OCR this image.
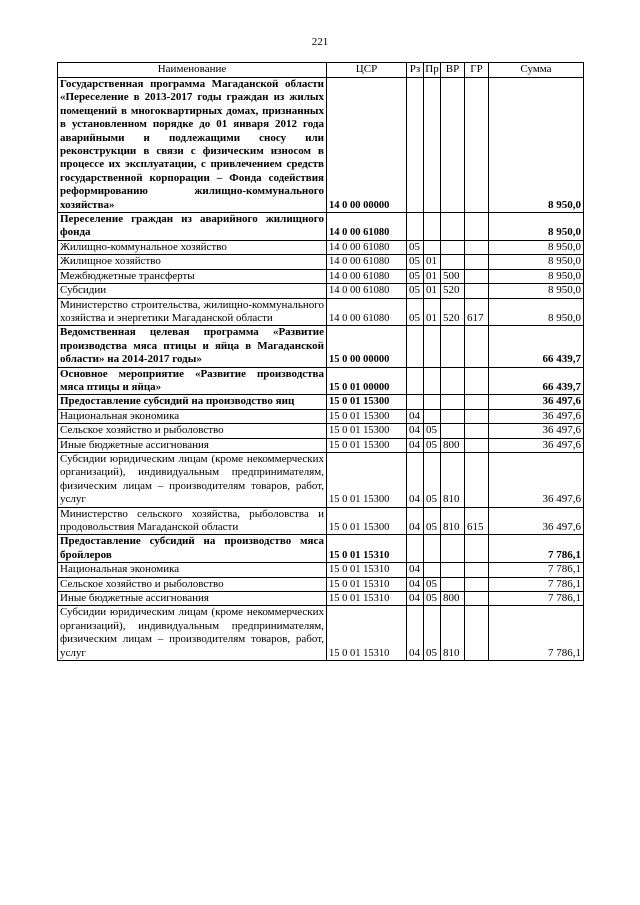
221
Наименование	ЦСР	Рз	Пр	ВР	ГР	Сумма
Государственная программа Магаданской области «Переселение в 2013-2017 годы граждан из жилых помещений в многоквартирных домах, признанных в установленном порядке до 01 января 2012 года аварийными и подлежащими сносу или реконструкции в связи с физическим износом в процессе их эксплуатации, с привлечением средств государственной корпорации – Фонда содействия реформированию жилищно-коммунального хозяйства»	14 0 00 00000					8 950,0
Переселение граждан из аварийного жилищного фонда	14 0 00 61080					8 950,0
Жилищно-коммунальное хозяйство	14 0 00 61080	05				8 950,0
Жилищное хозяйство	14 0 00 61080	05	01			8 950,0
Межбюджетные трансферты	14 0 00 61080	05	01	500		8 950,0
Субсидии	14 0 00 61080	05	01	520		8 950,0
Министерство строительства, жилищно-коммунального хозяйства и энергетики Магаданской области	14 0 00 61080	05	01	520	617	8 950,0
Ведомственная целевая программа «Развитие производства мяса птицы и яйца в Магаданской области» на 2014-2017 годы»	15 0 00 00000					66 439,7
Основное мероприятие «Развитие производства мяса птицы и яйца»	15 0 01 00000					66 439,7
Предоставление субсидий на производство яиц	15 0 01 15300					36 497,6
Национальная экономика	15 0 01 15300	04				36 497,6
Сельское хозяйство и рыболовство	15 0 01 15300	04	05			36 497,6
Иные бюджетные ассигнования	15 0 01 15300	04	05	800		36 497,6
Субсидии юридическим лицам (кроме некоммерческих организаций), индивидуальным предпринимателям, физическим лицам – производителям товаров, работ, услуг	15 0 01 15300	04	05	810		36 497,6
Министерство сельского хозяйства, рыболовства и продовольствия Магаданской области	15 0 01 15300	04	05	810	615	36 497,6
Предоставление субсидий на производство мяса бройлеров	15 0 01 15310					7 786,1
Национальная экономика	15 0 01 15310	04				7 786,1
Сельское хозяйство и рыболовство	15 0 01 15310	04	05			7 786,1
Иные бюджетные ассигнования	15 0 01 15310	04	05	800		7 786,1
Субсидии юридическим лицам (кроме некоммерческих организаций), индивидуальным предпринимателям, физическим лицам – производителям товаров, работ, услуг	15 0 01 15310	04	05	810		7 786,1
